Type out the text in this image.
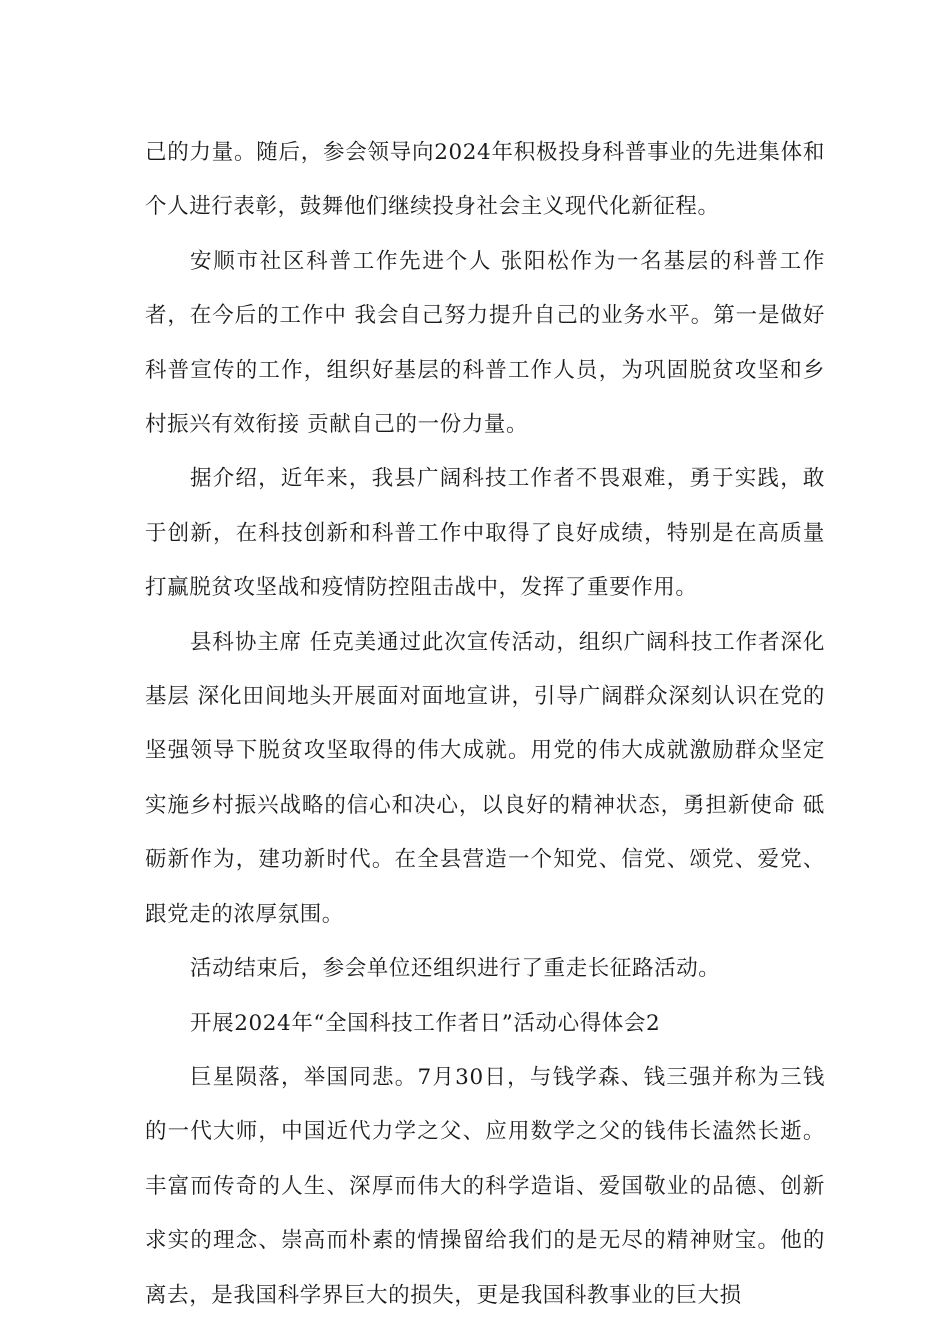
己的力量。随后，参会领导向2024年积极投身科普事业的先进集体和个人进行表彰，鼓舞他们继续投身社会主义现代化新征程。

安顺市社区科普工作先进个人 张阳松作为一名基层的科普工作者，在今后的工作中 我会自己努力提升自己的业务水平。第一是做好科普宣传的工作，组织好基层的科普工作人员，为巩固脱贫攻坚和乡村振兴有效衔接 贡献自己的一份力量。

据介绍，近年来，我县广阔科技工作者不畏艰难，勇于实践，敢于创新，在科技创新和科普工作中取得了良好成绩，特别是在高质量打赢脱贫攻坚战和疫情防控阻击战中，发挥了重要作用。

县科协主席 任克美通过此次宣传活动，组织广阔科技工作者深化基层 深化田间地头开展面对面地宣讲，引导广阔群众深刻认识在党的坚强领导下脱贫攻坚取得的伟大成就。用党的伟大成就激励群众坚定实施乡村振兴战略的信心和决心，以良好的精神状态，勇担新使命 砥砺新作为，建功新时代。在全县营造一个知党、信党、颂党、爱党、跟党走的浓厚氛围。

活动结束后，参会单位还组织进行了重走长征路活动。

开展2024年“全国科技工作者日”活动心得体会2

巨星陨落，举国同悲。7月30日，与钱学森、钱三强并称为三钱的一代大师，中国近代力学之父、应用数学之父的钱伟长溘然长逝。丰富而传奇的人生、深厚而伟大的科学造诣、爱国敬业的品德、创新求实的理念、崇高而朴素的情操留给我们的是无尽的精神财宝。他的离去，是我国科学界巨大的损失，更是我国科教事业的巨大损
